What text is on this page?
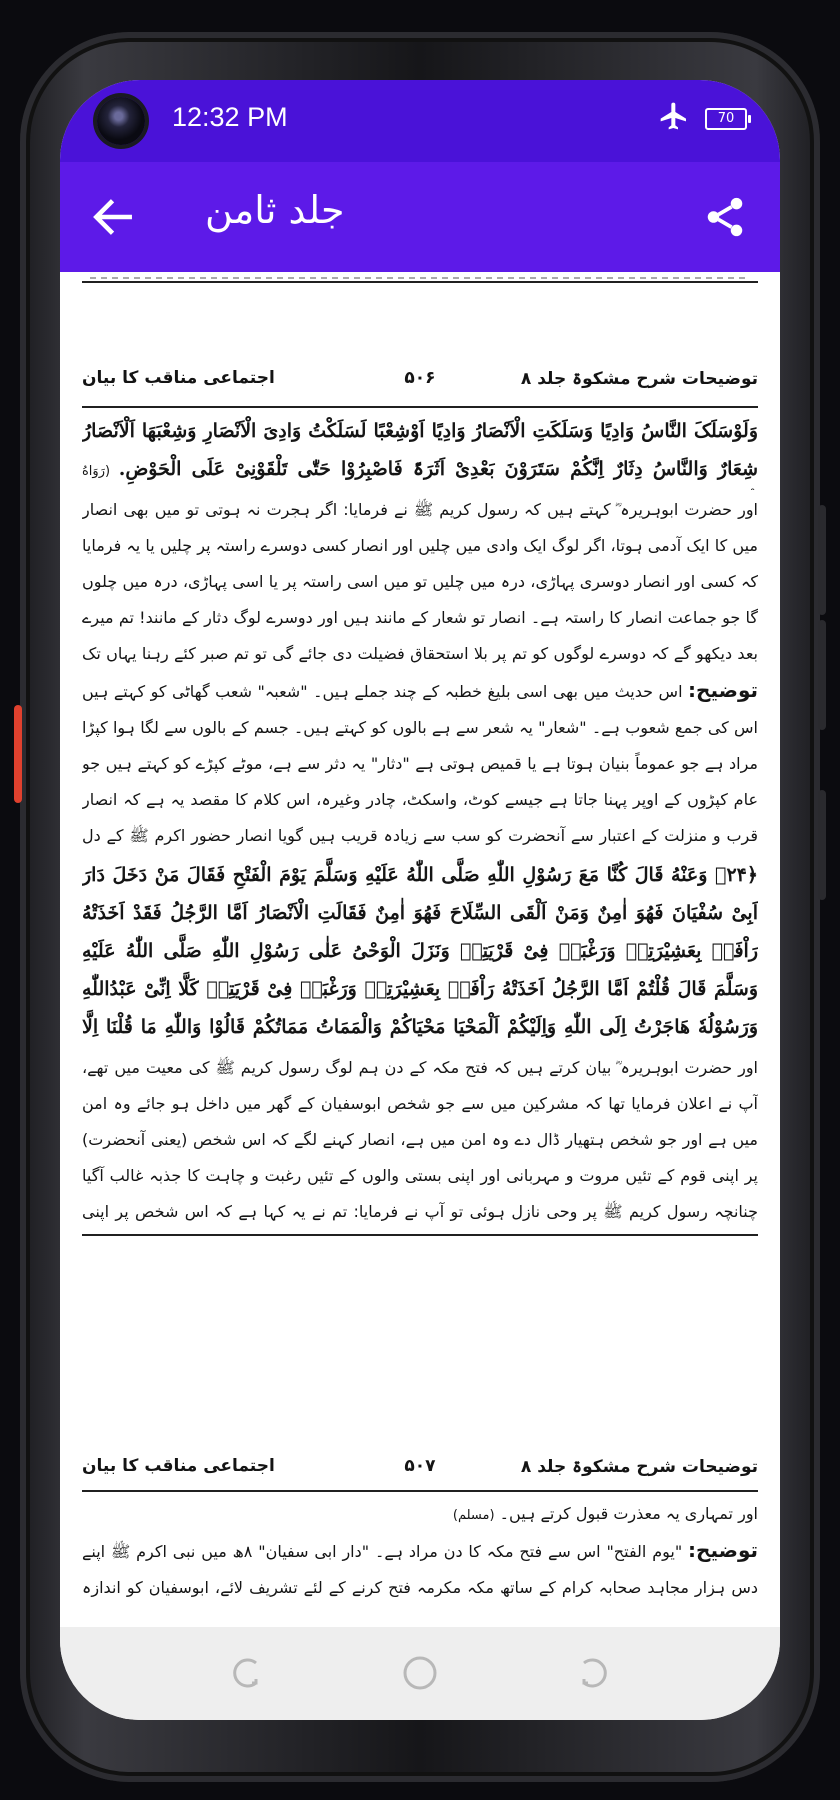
12:32 PM	70
جلد ثامن
توضیحات شرح مشکوۃ جلد ۸
۵۰۶
اجتماعی مناقب کا بیان
وَلَوْسَلَکَ النَّاسُ وَادِیًا وَسَلَکَتِ الْاَنْصَارُ وَادِیًا اَوْشِعْبًا لَسَلَکْتُ وَادِیَ الْاَنْصَارِ وَشِعْبَهَا اَلْاَنْصَارُ شِعَارٌ وَالنَّاسُ دِثَارٌ اِنَّکُمْ سَتَرَوْنَ بَعْدِیْ اَثَرَۃً فَاصْبِرُوْا حَتّٰی تَلْقَوْنِیْ عَلَی الْحَوْضِ. (رَوَاهُ
اور حضرت ابوہریرہ ؓ کہتے ہیں کہ رسول کریم ﷺ نے فرمایا: اگر ہجرت نہ ہوتی تو میں بھی انصار میں کا ایک آدمی ہوتا، اگر لوگ ایک وادی میں چلیں اور انصار کسی دوسرے راستہ پر چلیں یا یہ فرمایا کہ کسی اور انصار دوسری پہاڑی، درہ میں چلیں تو میں اسی راستہ پر یا اسی پہاڑی، درہ میں چلوں گا جو جماعت انصار کا راستہ ہے۔ انصار تو شعار کے مانند ہیں اور دوسرے لوگ دثار کے مانند! تم میرے بعد دیکھو گے کہ دوسرے لوگوں کو تم پر بلا استحقاق فضیلت دی جائے گی تو تم صبر کئے رہنا یہاں تک
توضیح: اس حدیث میں بھی اسی بلیغ خطبہ کے چند جملے ہیں۔ "شعبہ" شعب گھاٹی کو کہتے ہیں اس کی جمع شعوب ہے۔ "شعار" یہ شعر سے ہے بالوں کو کہتے ہیں۔ جسم کے بالوں سے لگا ہوا کپڑا مراد ہے جو عموماً بنیان ہوتا ہے یا قمیص ہوتی ہے "دثار" یہ دثر سے ہے، موٹے کپڑے کو کہتے ہیں جو عام کپڑوں کے اوپر پہنا جاتا ہے جیسے کوٹ، واسکٹ، چادر وغیرہ، اس کلام کا مقصد یہ ہے کہ انصار قرب و منزلت کے اعتبار سے آنحضرت کو سب سے زیادہ قریب ہیں گویا انصار حضور اکرم ﷺ کے دل
﴿۲۴﴾ وَعَنْهُ قَالَ کُنَّا مَعَ رَسُوْلِ اللّٰهِ صَلَّی اللّٰهُ عَلَیْهِ وَسَلَّمَ یَوْمَ الْفَتْحِ فَقَالَ مَنْ دَخَلَ دَارَ اَبِیْ سُفْیَانَ فَهُوَ اٰمِنٌ وَمَنْ اَلْقَی السِّلَاحَ فَهُوَ اٰمِنٌ فَقَالَتِ الْاَنْصَارُ اَمَّا الرَّجُلُ فَقَدْ اَخَذَتْهُ رَاْفَۃٌ بِعَشِیْرَتِهٖ وَرَغْبَۃٌ فِیْ قَرْیَتِهٖ وَنَزَلَ الْوَحْیُ عَلٰی رَسُوْلِ اللّٰهِ صَلَّی اللّٰهُ عَلَیْهِ وَسَلَّمَ قَالَ قُلْتُمْ اَمَّا الرَّجُلُ اَخَذَتْهُ رَاْفَۃٌ بِعَشِیْرَتِهٖ وَرَغْبَۃٌ فِیْ قَرْیَتِهٖ کَلَّا اِنِّیْ عَبْدُاللّٰهِ وَرَسُوْلُهٗ هَاجَرْتُ اِلَی اللّٰهِ وَاِلَیْکُمْ اَلْمَحْیَا مَحْیَاکُمْ وَالْمَمَاتُ مَمَاتُکُمْ قَالُوْا وَاللّٰهِ مَا قُلْنَا اِلَّا
اور حضرت ابوہریرہ ؓ بیان کرتے ہیں کہ فتح مکہ کے دن ہم لوگ رسول کریم ﷺ کی معیت میں تھے، آپ نے اعلان فرمایا تھا کہ مشرکین میں سے جو شخص ابوسفیان کے گھر میں داخل ہو جائے وہ امن میں ہے اور جو شخص ہتھیار ڈال دے وہ امن میں ہے، انصار کہنے لگے کہ اس شخص (یعنی آنحضرت) پر اپنی قوم کے تئیں مروت و مہربانی اور اپنی بستی والوں کے تئیں رغبت و چاہت کا جذبہ غالب آگیا چنانچہ رسول کریم ﷺ پر وحی نازل ہوئی تو آپ نے فرمایا: تم نے یہ کہا ہے کہ اس شخص پر اپنی
توضیحات شرح مشکوۃ جلد ۸
۵۰۷
اجتماعی مناقب کا بیان
اور تمہاری یہ معذرت قبول کرتے ہیں۔ (مسلم)
توضیح: "یوم الفتح" اس سے فتح مکہ کا دن مراد ہے۔ "دار ابی سفیان" ۸ھ میں نبی اکرم ﷺ اپنے دس ہزار مجاہد صحابہ کرام کے ساتھ مکہ مکرمہ فتح کرنے کے لئے تشریف لائے، ابوسفیان کو اندازہ
